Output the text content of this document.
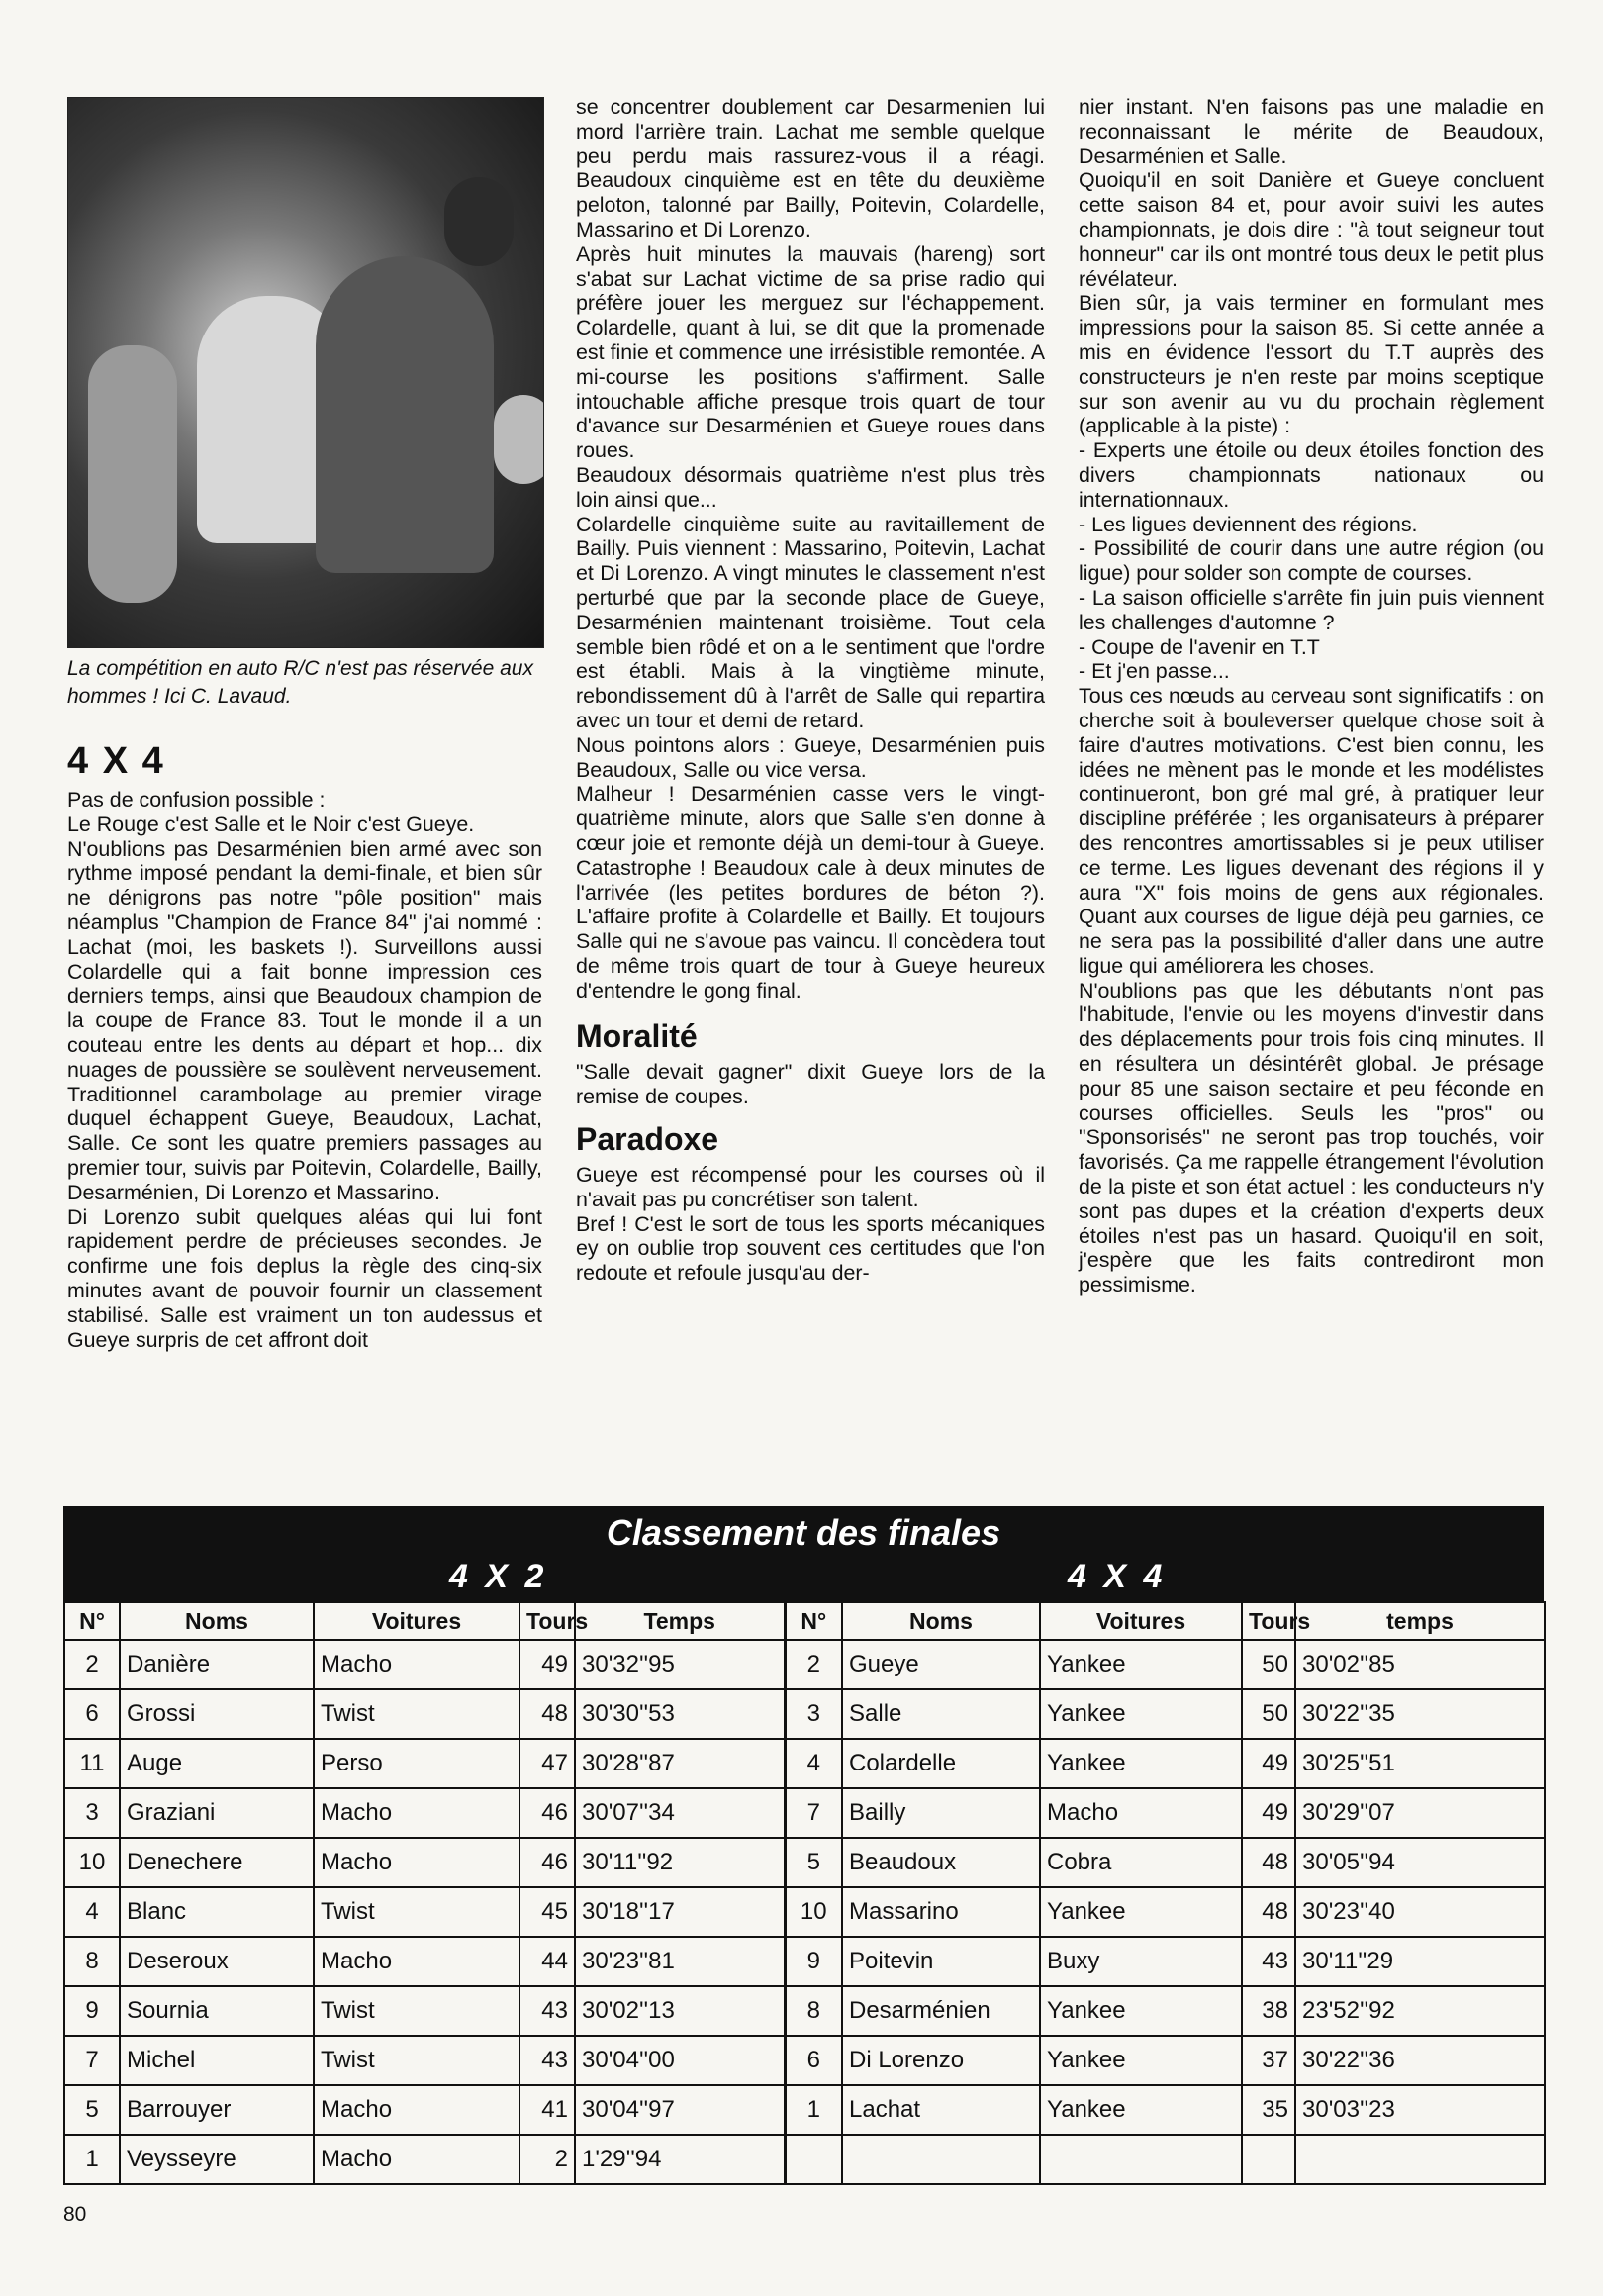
La compétition en auto R/C n'est pas réservée aux hommes ! Ici C. Lavaud.
4 X 4

Pas de confusion possible :

Le Rouge c'est Salle et le Noir c'est Gueye.

N'oublions pas Desarménien bien armé avec son rythme imposé pendant la demi-finale, et bien sûr ne dénigrons pas notre "pôle position" mais néamplus "Champion de France 84" j'ai nommé : Lachat (moi, les baskets !). Surveillons aussi Colardelle qui a fait bonne impression ces derniers temps, ainsi que Beaudoux champion de la coupe de France 83. Tout le monde il a un couteau entre les dents au départ et hop... dix nuages de poussière se soulèvent nerveusement. Traditionnel carambolage au premier virage duquel échappent Gueye, Beaudoux, Lachat, Salle. Ce sont les quatre premiers passages au premier tour, suivis par Poitevin, Colardelle, Bailly, Desarménien, Di Lorenzo et Massarino.

Di Lorenzo subit quelques aléas qui lui font rapidement perdre de précieuses secondes. Je confirme une fois deplus la règle des cinq-six minutes avant de pouvoir fournir un classement stabilisé. Salle est vraiment un ton audessus et Gueye surpris de cet affront doit

se concentrer doublement car Desarmenien lui mord l'arrière train. Lachat me semble quelque peu perdu mais rassurez-vous il a réagi. Beaudoux cinquième est en tête du deuxième peloton, talonné par Bailly, Poitevin, Colardelle, Massarino et Di Lorenzo.

Après huit minutes la mauvais (hareng) sort s'abat sur Lachat victime de sa prise radio qui préfère jouer les merguez sur l'échappement. Colardelle, quant à lui, se dit que la promenade est finie et commence une irrésistible remontée. A mi-course les positions s'affirment. Salle intouchable affiche presque trois quart de tour d'avance sur Desarménien et Gueye roues dans roues.

Beaudoux désormais quatrième n'est plus très loin ainsi que...

Colardelle cinquième suite au ravitaillement de Bailly. Puis viennent : Massarino, Poitevin, Lachat et Di Lorenzo. A vingt minutes le classement n'est perturbé que par la seconde place de Gueye, Desarménien maintenant troisième. Tout cela semble bien rôdé et on a le sentiment que l'ordre est établi. Mais à la vingtième minute, rebondissement dû à l'arrêt de Salle qui repartira avec un tour et demi de retard.

Nous pointons alors : Gueye, Desarménien puis Beaudoux, Salle ou vice versa.

Malheur ! Desarménien casse vers le vingt-quatrième minute, alors que Salle s'en donne à cœur joie et remonte déjà un demi-tour à Gueye. Catastrophe ! Beaudoux cale à deux minutes de l'arrivée (les petites bordures de béton ?). L'affaire profite à Colardelle et Bailly. Et toujours Salle qui ne s'avoue pas vaincu. Il concèdera tout de même trois quart de tour à Gueye heureux d'entendre le gong final.

Moralité

"Salle devait gagner" dixit Gueye lors de la remise de coupes.

Paradoxe

Gueye est récompensé pour les courses où il n'avait pas pu concrétiser son talent.

Bref ! C'est le sort de tous les sports mécaniques ey on oublie trop souvent ces certitudes que l'on redoute et refoule jusqu'au der-

nier instant. N'en faisons pas une maladie en reconnaissant le mérite de Beaudoux, Desarménien et Salle.

Quoiqu'il en soit Danière et Gueye concluent cette saison 84 et, pour avoir suivi les autes championnats, je dois dire : "à tout seigneur tout honneur" car ils ont montré tous deux le petit plus révélateur.

Bien sûr, ja vais terminer en formulant mes impressions pour la saison 85. Si cette année a mis en évidence l'essort du T.T auprès des constructeurs je n'en reste par moins sceptique sur son avenir au vu du prochain règlement (applicable à la piste) :

- Experts une étoile ou deux étoiles fonction des divers championnats nationaux ou internationnaux.

- Les ligues deviennent des régions.

- Possibilité de courir dans une autre région (ou ligue) pour solder son compte de courses.

- La saison officielle s'arrête fin juin puis viennent les challenges d'automne ?

- Coupe de l'avenir en T.T

- Et j'en passe...

Tous ces nœuds au cerveau sont significatifs : on cherche soit à bouleverser quelque chose soit à faire d'autres motivations. C'est bien connu, les idées ne mènent pas le monde et les modélistes continueront, bon gré mal gré, à pratiquer leur discipline préférée ; les organisateurs à préparer des rencontres amortissables si je peux utiliser ce terme. Les ligues devenant des régions il y aura "X" fois moins de gens aux régionales. Quant aux courses de ligue déjà peu garnies, ce ne sera pas la possibilité d'aller dans une autre ligue qui améliorera les choses.

N'oublions pas que les débutants n'ont pas l'habitude, l'envie ou les moyens d'investir dans des déplacements pour trois fois cinq minutes. Il en résultera un désintérêt global. Je présage pour 85 une saison sectaire et peu féconde en courses officielles. Seuls les "pros" ou "Sponsorisés" ne seront pas trop touchés, voir favorisés. Ça me rappelle étrangement l'évolution de la piste et son état actuel : les conducteurs n'y sont pas dupes et la création d'experts deux étoiles n'est pas un hasard. Quoiqu'il en soit, j'espère que les faits contrediront mon pessimisme.

Classement des finales
4 X 2	4 X 4
N°	Noms	Voitures	Tours	Temps	N°	Noms	Voitures	Tours	temps
2	Danière	Macho	49	30'32''95	2	Gueye	Yankee	50	30'02''85
6	Grossi	Twist	48	30'30''53	3	Salle	Yankee	50	30'22''35
11	Auge	Perso	47	30'28''87	4	Colardelle	Yankee	49	30'25''51
3	Graziani	Macho	46	30'07''34	7	Bailly	Macho	49	30'29''07
10	Denechere	Macho	46	30'11''92	5	Beaudoux	Cobra	48	30'05''94
4	Blanc	Twist	45	30'18''17	10	Massarino	Yankee	48	30'23''40
8	Deseroux	Macho	44	30'23''81	9	Poitevin	Buxy	43	30'11''29
9	Sournia	Twist	43	30'02''13	8	Desarménien	Yankee	38	23'52''92
7	Michel	Twist	43	30'04''00	6	Di Lorenzo	Yankee	37	30'22''36
5	Barrouyer	Macho	41	30'04''97	1	Lachat	Yankee	35	30'03''23
1	Veysseyre	Macho	2	1'29''94					
80
